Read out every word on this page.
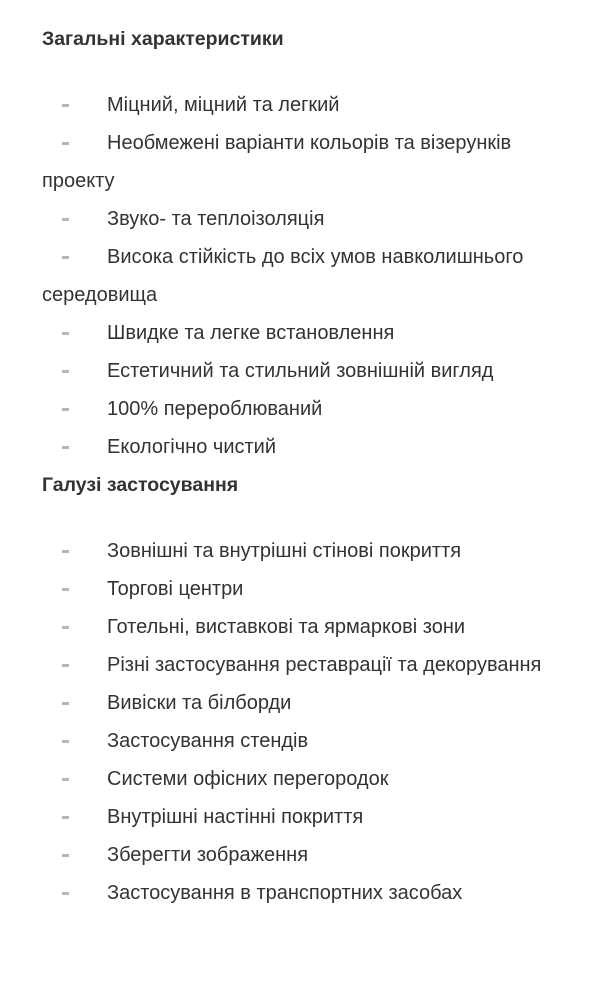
Загальні характеристики
Міцний, міцний та легкий
Необмежені варіанти кольорів та візерунків
проекту
Звуко- та теплоізоляція
Висока стійкість до всіх умов навколишнього
середовища
Швидке та легке встановлення
Естетичний та стильний зовнішній вигляд
100% перероблюваний
Екологічно чистий
Галузі застосування
Зовнішні та внутрішні стінові покриття
Торгові центри
Готельні, виставкові та ярмаркові зони
Різні застосування реставрації та декорування
Вивіски та білборди
Застосування стендів
Системи офісних перегородок
Внутрішні настінні покриття
Зберегти зображення
Застосування в транспортних засобах
